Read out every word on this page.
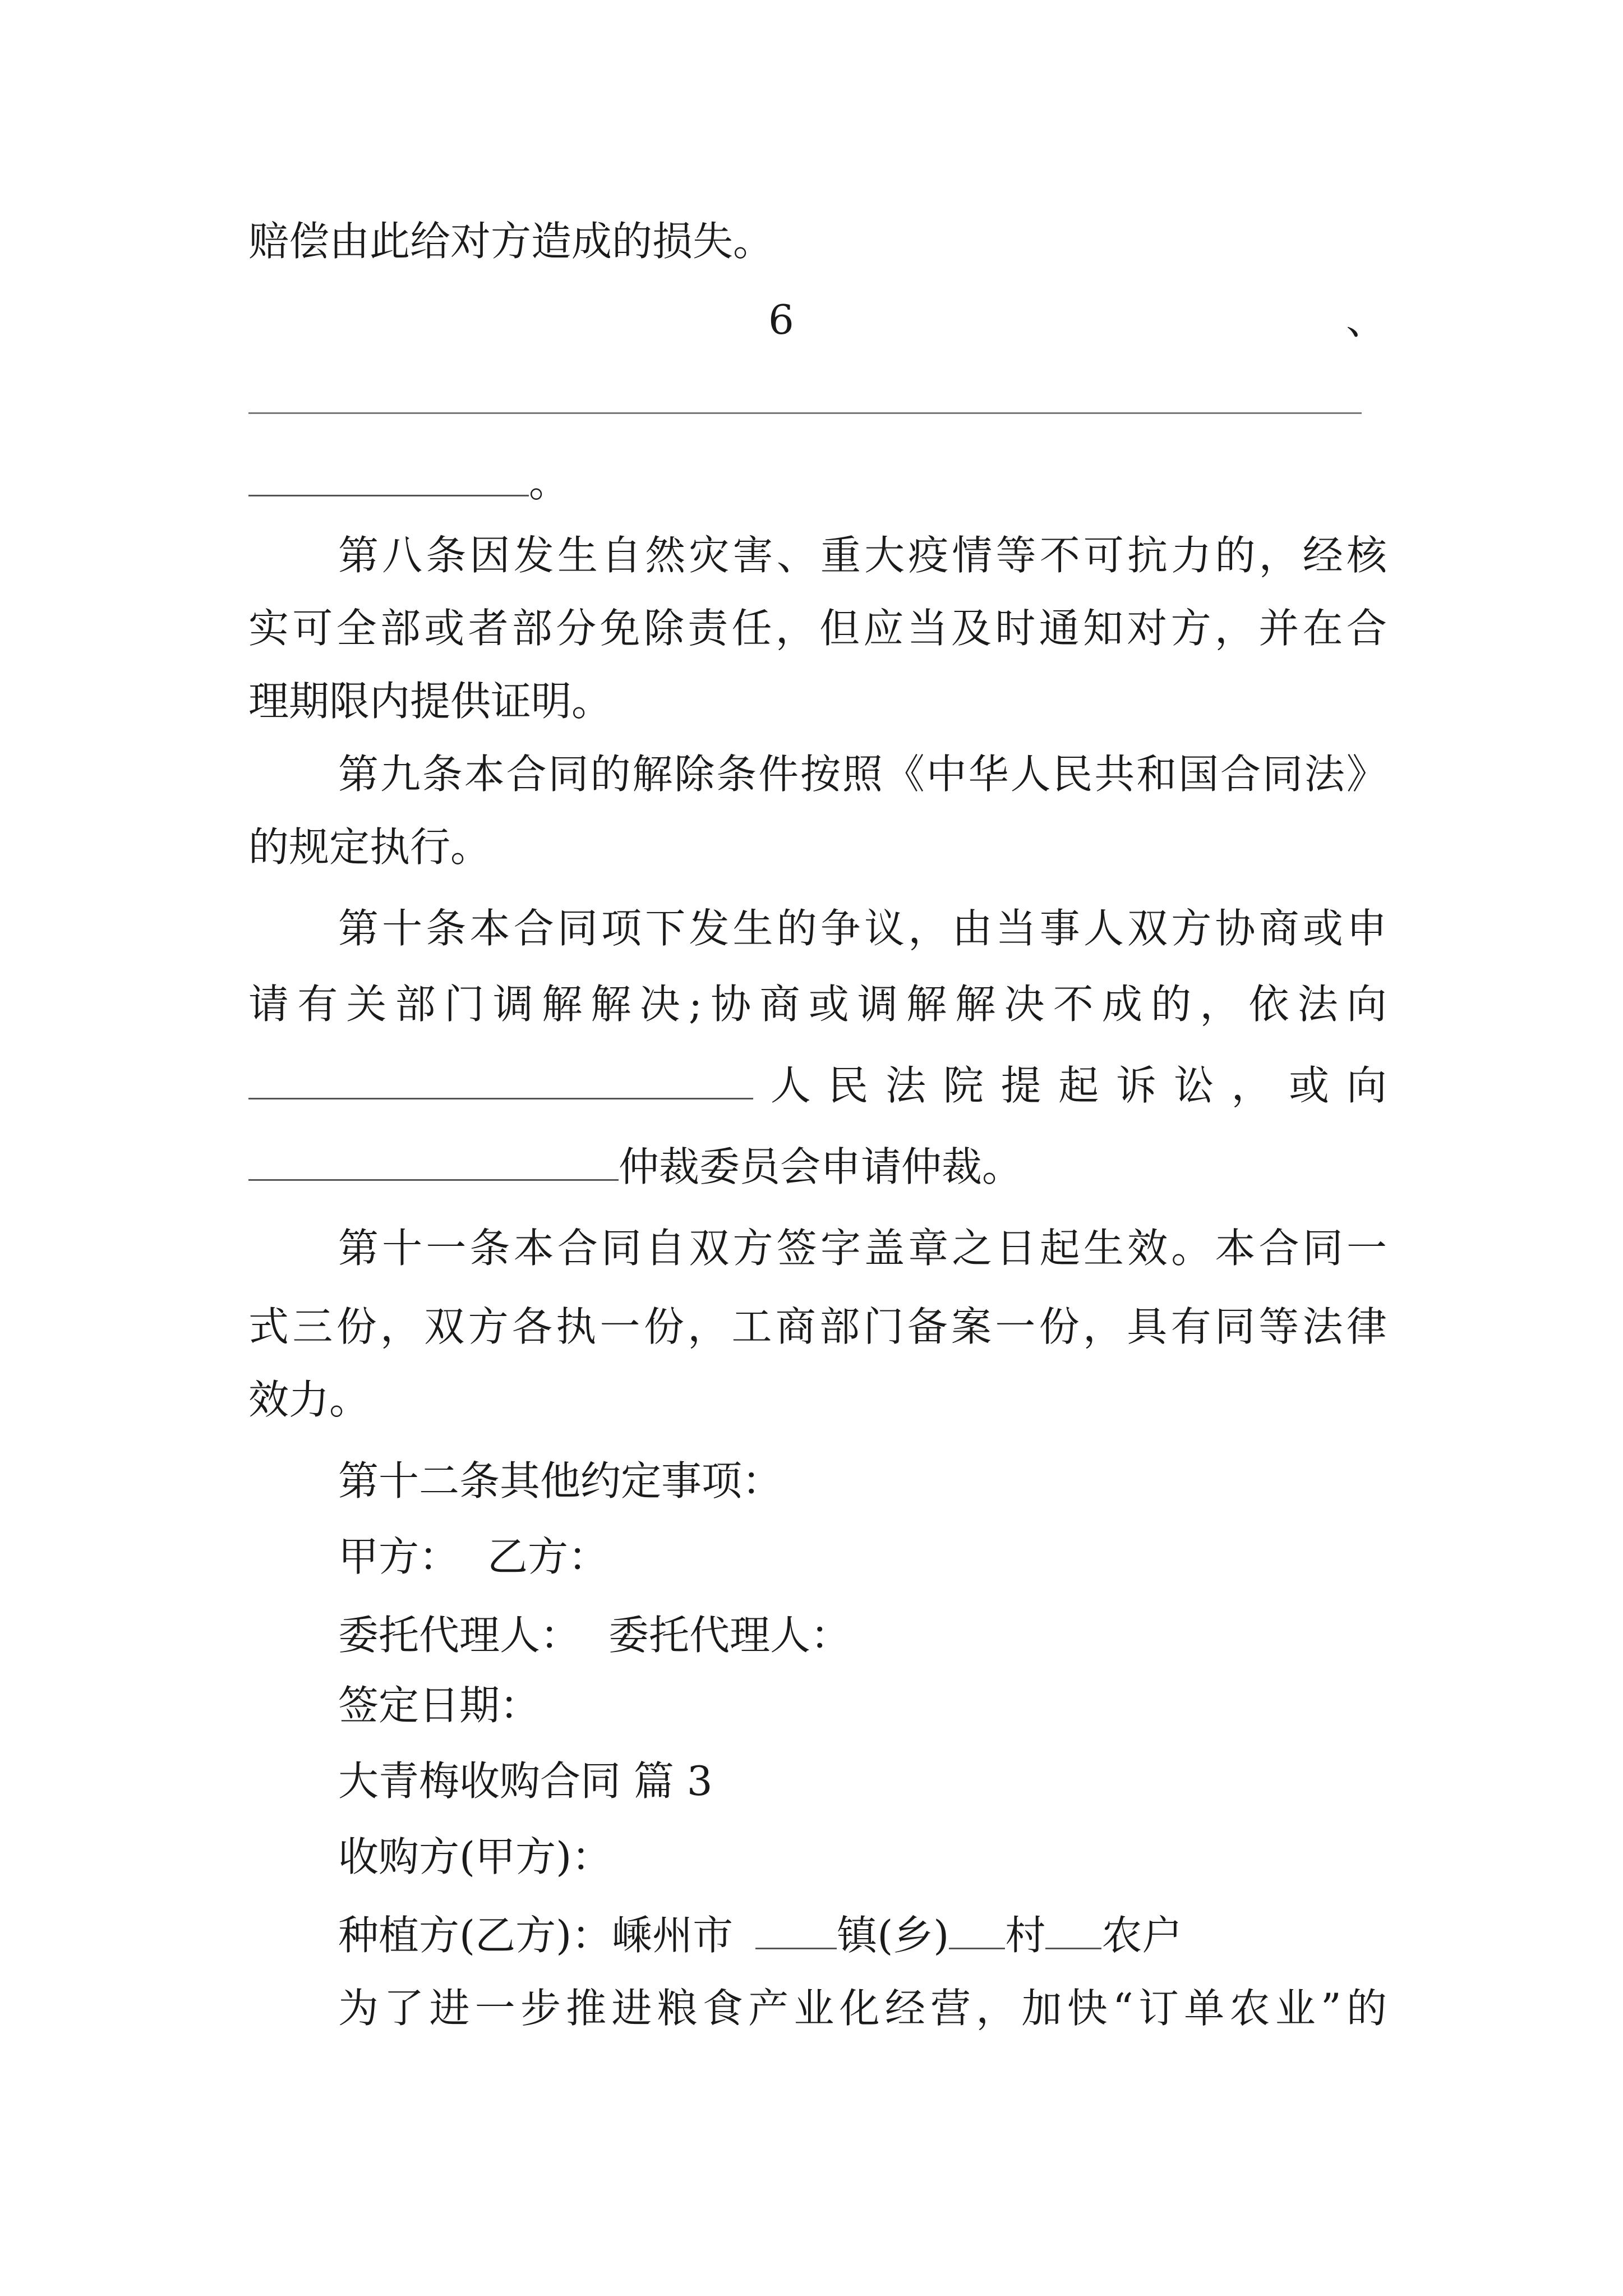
赔偿由此给对方造成的损失。
6	、
。
第 八 条 因 发 生 自 然 灾 害 、 重 大 疫 情 等 不 可 抗 力 的 ， 经 核
实 可 全 部 或 者 部 分 免 除 责 任 ， 但 应 当 及 时 通 知 对 方 ， 并 在 合
理期限内提供证明。
第 九 条 本 合 同 的 解 除 条 件 按 照 《 中 华 人 民 共 和 国 合 同 法 》
的规定执行。
第 十 条 本 合 同 项 下 发 生 的 争 议 ， 由 当 事 人 双 方 协 商 或 申
请 有 关 部 门 调 解 解 决 ; 协 商 或 调 解 解 决 不 成 的 ， 依 法 向
人 民 法 院 提 起 诉 讼 ， 或 向
仲裁委员会申请仲裁。
第 十 一 条 本 合 同 自 双 方 签 字 盖 章 之 日 起 生 效 。 本 合 同 一
式 三 份 ， 双 方 各 执 一 份 ， 工 商 部 门 备 案 一 份 ， 具 有 同 等 法 律
效力。
第十二条其他约定事项：
甲方： 乙方：
委托代理人： 委托代理人：
签定日期：
大青梅收购合同 篇 3
收购方(甲方)：
种植方(乙方)：嵊州市	镇(乡) 村 农户
为 了 进 一 步 推 进 粮 食 产 业 化 经 营 ， 加 快 “ 订 单 农 业 ” 的
